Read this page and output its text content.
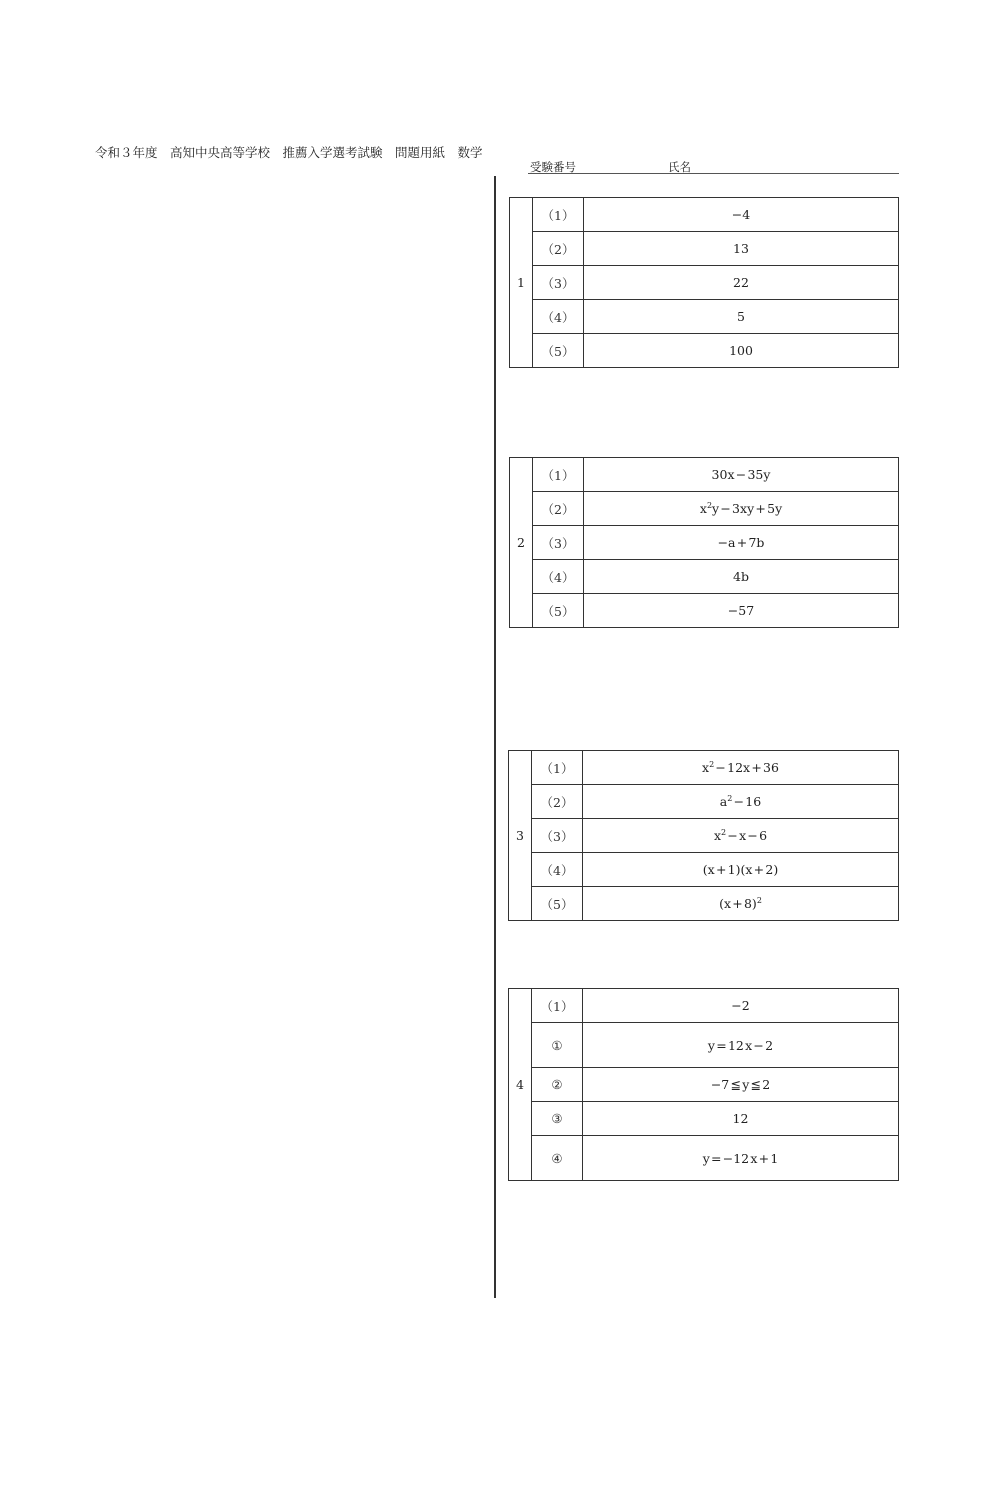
令和３年度　高知中央高等学校　推薦入学選考試験　問題用紙　数学
受験番号	氏名
1	（1）	−4
	（2）	13
	（3）	22
	（4）	5
	（5）	100
2	（1）	30x − 35y
	（2）	$x^2y$ − 3xy + 5y
	（3）	−a + 7b
	（4）	4b
	（5）	−57
3	（1）	$x^2$ − 12x + 36
	（2）	$a^2$ − 16
	（3）	$x^2$ − x − 6
	（4）	(x + 1)(x + 2)
	（5）	(x + 8)$^2$
4	（1）	−2
	①	y = 12 x − 2
	②	−7 ≦ y ≦ 2
	③	12
	④	y = −12 x + 1
